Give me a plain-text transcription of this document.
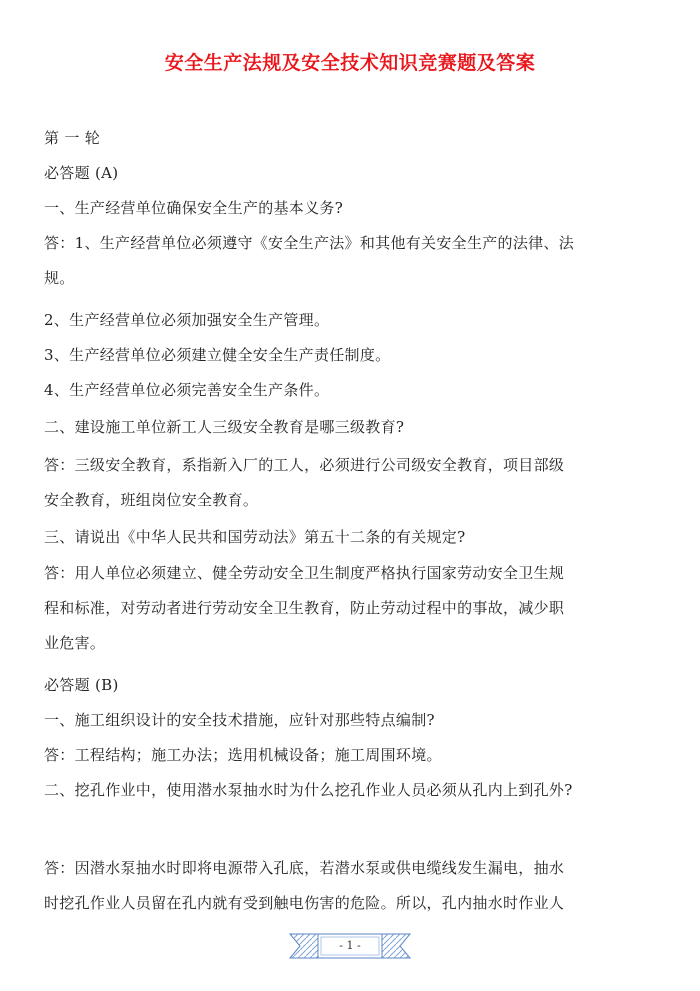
安全生产法规及安全技术知识竞赛题及答案
第 一 轮
必答题 (A)
一、生产经营单位确保安全生产的基本义务?
答：1、生产经营单位必须遵守《安全生产法》和其他有关安全生产的法律、法
规。
2、生产经营单位必须加强安全生产管理。
3、生产经营单位必须建立健全安全生产责任制度。
4、生产经营单位必须完善安全生产条件。
二、建设施工单位新工人三级安全教育是哪三级教育?
答：三级安全教育，系指新入厂的工人，必须进行公司级安全教育，项目部级
安全教育，班组岗位安全教育。
三、请说出《中华人民共和国劳动法》第五十二条的有关规定?
答：用人单位必须建立、健全劳动安全卫生制度严格执行国家劳动安全卫生规
程和标准，对劳动者进行劳动安全卫生教育，防止劳动过程中的事故，减少职
业危害。
必答题 (B)
一、施工组织设计的安全技术措施，应针对那些特点编制?
答：工程结构；施工办法；选用机械设备；施工周围环境。
二、挖孔作业中，使用潜水泵抽水时为什么挖孔作业人员必须从孔内上到孔外?
答：因潜水泵抽水时即将电源带入孔底，若潜水泵或供电缆线发生漏电，抽水
时挖孔作业人员留在孔内就有受到触电伤害的危险。所以，孔内抽水时作业人
- 1 -
